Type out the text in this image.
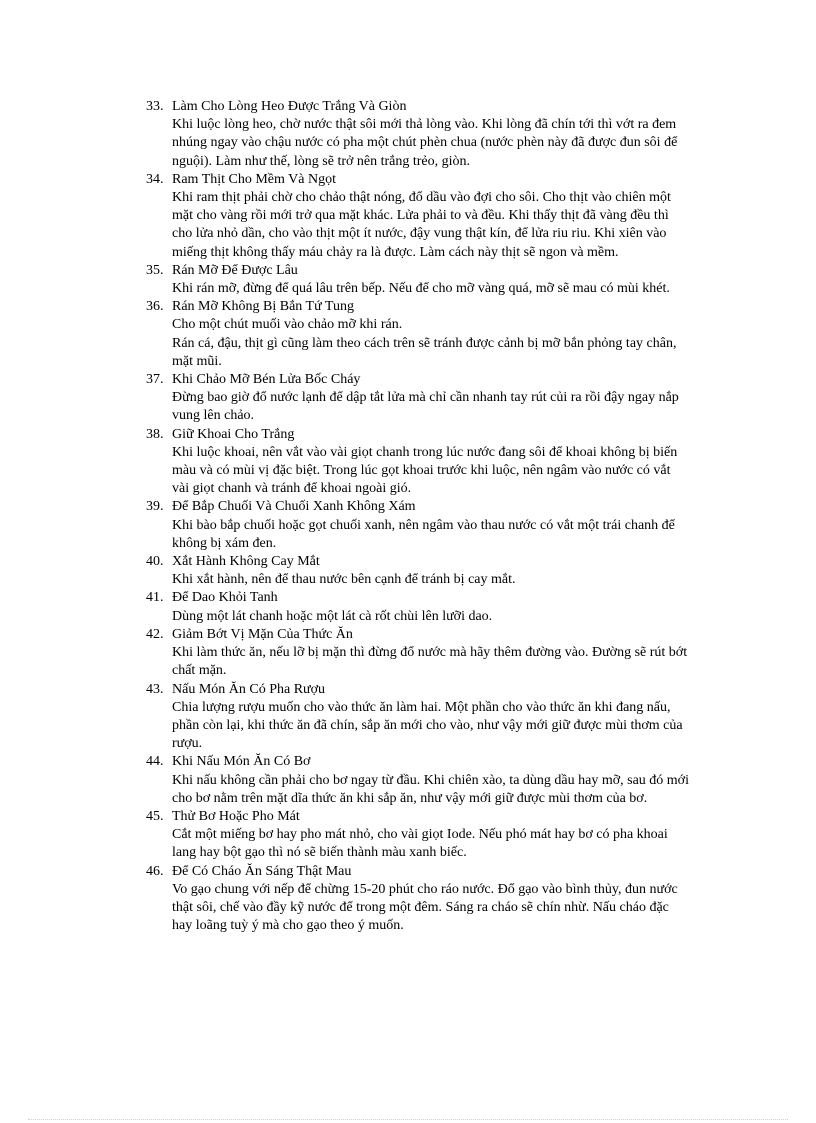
33. Làm Cho Lòng Heo Được Trắng Và Giòn

Khi luộc lòng heo, chờ nước thật sôi mới thả lòng vào. Khi lòng đã chín tới thì vớt ra đem nhúng ngay vào chậu nước có pha một chút phèn chua (nước phèn này đã được đun sôi để nguội). Làm như thế, lòng sẽ trở nên trắng trẻo, giòn.

34. Ram Thịt Cho Mềm Và Ngọt

Khi ram thịt phải chờ cho chảo thật nóng, đổ dầu vào đợi cho sôi. Cho thịt vào chiên một mặt cho vàng rồi mới trở qua mặt khác. Lửa phải to và đều. Khi thấy thịt đã vàng đều thì cho lửa nhỏ dần, cho vào thịt một ít nước, đậy vung thật kín, để lửa riu riu. Khi xiên vào miếng thịt không thấy máu chảy ra là được. Làm cách này thịt sẽ ngon và mềm.

35. Rán Mỡ Để Được Lâu

Khi rán mỡ, đừng để quá lâu trên bếp. Nếu để cho mỡ vàng quá, mỡ sẽ mau có mùi khét.

36. Rán Mỡ Không Bị Bắn Tứ Tung

Cho một chút muối vào chảo mỡ khi rán.

Rán cá, đậu, thịt gì cũng làm theo cách trên sẽ tránh được cảnh bị mỡ bắn phỏng tay chân, mặt mũi.

37. Khi Chảo Mỡ Bén Lửa Bốc Cháy

Đừng bao giờ đổ nước lạnh để dập tắt lửa mà chỉ cần nhanh tay rút củi ra rồi đậy ngay nắp vung lên chảo.

38. Giữ Khoai Cho Trắng

Khi luộc khoai, nên vắt vào vài giọt chanh trong lúc nước đang sôi để khoai không bị biến màu và có mùi vị đặc biệt. Trong lúc gọt khoai trước khi luộc, nên ngâm vào nước có vắt vài giọt chanh và tránh để khoai ngoài gió.

39. Để Bắp Chuối Và Chuối Xanh Không Xám

Khi bào bắp chuối hoặc gọt chuối xanh, nên ngâm vào thau nước có vắt một trái chanh để không bị xám đen.

40. Xắt Hành Không Cay Mắt

Khi xắt hành, nên để thau nước bên cạnh để tránh bị cay mắt.

41. Để Dao Khỏi Tanh

Dùng một lát chanh hoặc một lát cà rốt chùi lên lưỡi dao.

42. Giảm Bớt Vị Mặn Của Thức Ăn

Khi làm thức ăn, nếu lỡ bị mặn thì đừng đổ nước mà hãy thêm đường vào. Đường sẽ rút bớt chất mặn.

43. Nấu Món Ăn Có Pha Rượu

Chia lượng rượu muốn cho vào thức ăn làm hai. Một phần cho vào thức ăn khi đang nấu, phần còn lại, khi thức ăn đã chín, sắp ăn mới cho vào, như vậy mới giữ được mùi thơm của rượu.

44. Khi Nấu Món Ăn Có Bơ

Khi nấu không cần phải cho bơ ngay từ đầu. Khi chiên xào, ta dùng dầu hay mỡ, sau đó mới cho bơ nằm trên mặt dĩa thức ăn khi sắp ăn, như vậy mới giữ được mùi thơm của bơ.

45. Thử Bơ Hoặc Pho Mát

Cắt một miếng bơ hay pho mát nhỏ, cho vài giọt Iode. Nếu phó mát hay bơ có pha khoai lang hay bột gạo thì nó sẽ biến thành màu xanh biếc.

46. Để Có Cháo Ăn Sáng Thật Mau

Vo gạo chung với nếp để chừng 15-20 phút cho ráo nước. Đổ gạo vào bình thủy, đun nước thật sôi, chế vào đầy kỹ nước để trong một đêm. Sáng ra cháo sẽ chín nhừ. Nấu cháo đặc hay loãng tuỳ ý mà cho gạo theo ý muốn.
